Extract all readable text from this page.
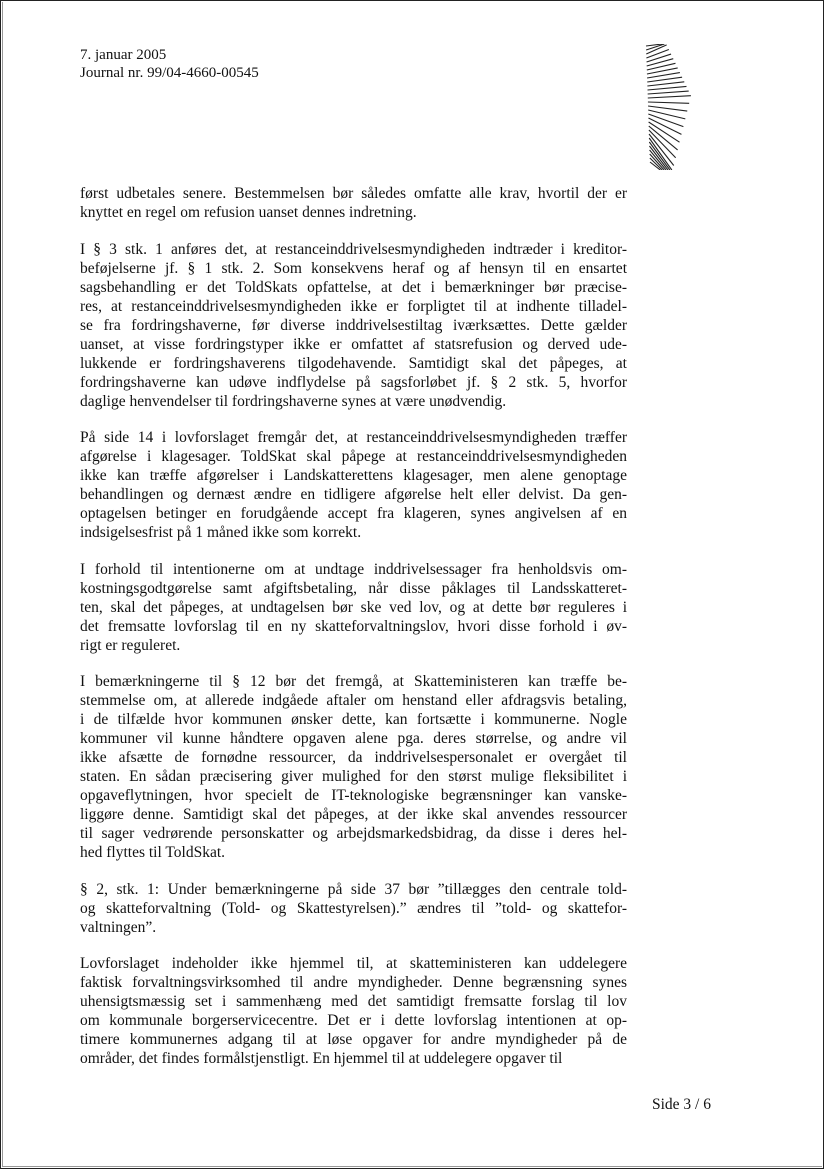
7. januar 2005
Journal nr. 99/04-4660-00545

først udbetales senere. Bestemmelsen bør således omfatte alle krav, hvortil der er
knyttet en regel om refusion uanset dennes indretning.

I § 3 stk. 1 anføres det, at restanceinddrivelsesmyndigheden indtræder i kreditor-
beføjelserne jf. § 1 stk. 2. Som konsekvens heraf og af hensyn til en ensartet
sagsbehandling er det ToldSkats opfattelse, at det i bemærkninger bør præcise-
res, at restanceinddrivelsesmyndigheden ikke er forpligtet til at indhente tilladel-
se fra fordringshaverne, før diverse inddrivelsestiltag iværksættes. Dette gælder
uanset, at visse fordringstyper ikke er omfattet af statsrefusion og derved ude-
lukkende er fordringshaverens tilgodehavende. Samtidigt skal det påpeges, at
fordringshaverne kan udøve indflydelse på sagsforløbet jf. § 2 stk. 5, hvorfor
daglige henvendelser til fordringshaverne synes at være unødvendig.

På side 14 i lovforslaget fremgår det, at restanceinddrivelsesmyndigheden træffer
afgørelse i klagesager. ToldSkat skal påpege at restanceinddrivelsesmyndigheden
ikke kan træffe afgørelser i Landskatterettens klagesager, men alene genoptage
behandlingen og dernæst ændre en tidligere afgørelse helt eller delvist. Da gen-
optagelsen betinger en forudgående accept fra klageren, synes angivelsen af en
indsigelsesfrist på 1 måned ikke som korrekt.

I forhold til intentionerne om at undtage inddrivelsessager fra henholdsvis om-
kostningsgodtgørelse samt afgiftsbetaling, når disse påklages til Landsskatteret-
ten, skal det påpeges, at undtagelsen bør ske ved lov, og at dette bør reguleres i
det fremsatte lovforslag til en ny skatteforvaltningslov, hvori disse forhold i øv-
rigt er reguleret.

I bemærkningerne til § 12 bør det fremgå, at Skatteministeren kan træffe be-
stemmelse om, at allerede indgåede aftaler om henstand eller afdragsvis betaling,
i de tilfælde hvor kommunen ønsker dette, kan fortsætte i kommunerne. Nogle
kommuner vil kunne håndtere opgaven alene pga. deres størrelse, og andre vil
ikke afsætte de fornødne ressourcer, da inddrivelsespersonalet er overgået til
staten. En sådan præcisering giver mulighed for den størst mulige fleksibilitet i
opgaveflytningen, hvor specielt de IT-teknologiske begrænsninger kan vanske-
liggøre denne. Samtidigt skal det påpeges, at der ikke skal anvendes ressourcer
til sager vedrørende personskatter og arbejdsmarkedsbidrag, da disse i deres hel-
hed flyttes til ToldSkat.

§ 2, stk. 1: Under bemærkningerne på side 37 bør ”tillægges den centrale told-
og skatteforvaltning (Told- og Skattestyrelsen).” ændres til ”told- og skattefor-
valtningen”.

Lovforslaget indeholder ikke hjemmel til, at skatteministeren kan uddelegere
faktisk forvaltningsvirksomhed til andre myndigheder. Denne begrænsning synes
uhensigtsmæssig set i sammenhæng med det samtidigt fremsatte forslag til lov
om kommunale borgerservicecentre. Det er i dette lovforslag intentionen at op-
timere kommunernes adgang til at løse opgaver for andre myndigheder på de
områder, det findes formålstjenstligt. En hjemmel til at uddelegere opgaver til

Side 3 / 6
